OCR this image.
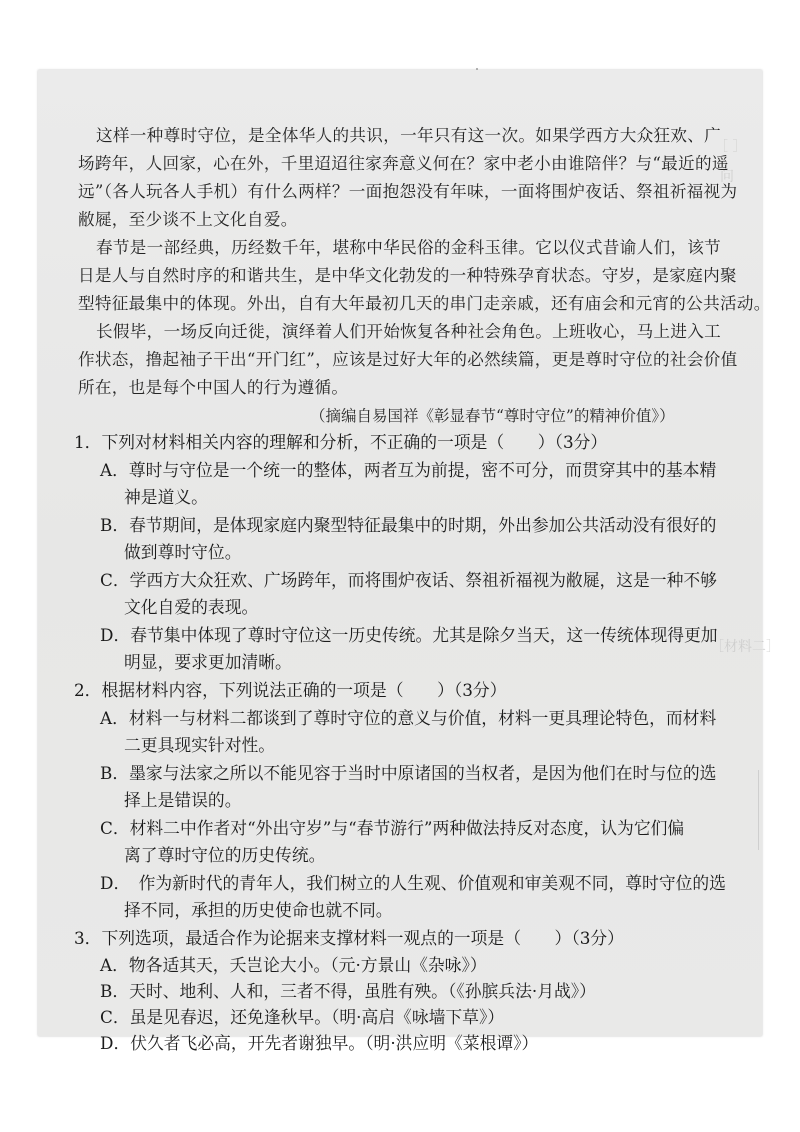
［ ］
问
［材料二］
这样一种尊时守位，是全体华人的共识，一年只有这一次。如果学西方大众狂欢、广
场跨年，人回家，心在外，千里迢迢往家奔意义何在？家中老小由谁陪伴？与“最近的遥
远”（各人玩各人手机）有什么两样？一面抱怨没有年味，一面将围炉夜话、祭祖祈福视为
敝屣，至少谈不上文化自爱。
春节是一部经典，历经数千年，堪称中华民俗的金科玉律。它以仪式昔谕人们，该节
日是人与自然时序的和谐共生，是中华文化勃发的一种特殊孕育状态。守岁，是家庭内聚
型特征最集中的体现。外出，自有大年最初几天的串门走亲戚，还有庙会和元宵的公共活动。
长假毕，一场反向迁徙，演绎着人们开始恢复各种社会角色。上班收心，马上进入工
作状态，撸起袖子干出“开门红”，应该是过好大年的必然续篇，更是尊时守位的社会价值
所在，也是每个中国人的行为遵循。
（摘编自易国祥《彰显春节“尊时守位”的精神价值》）
1．下列对材料相关内容的理解和分析，不正确的一项是（　　）（3分）
A．尊时与守位是一个统一的整体，两者互为前提，密不可分，而贯穿其中的基本精
神是道义。
B．春节期间，是体现家庭内聚型特征最集中的时期，外出参加公共活动没有很好的
做到尊时守位。
C．学西方大众狂欢、广场跨年，而将围炉夜话、祭祖祈福视为敝屣，这是一种不够
文化自爱的表现。
D．春节集中体现了尊时守位这一历史传统。尤其是除夕当天，这一传统体现得更加
明显，要求更加清晰。
2．根据材料内容，下列说法正确的一项是（　　）（3分）
A．材料一与材料二都谈到了尊时守位的意义与价值，材料一更具理论特色，而材料
二更具现实针对性。
B．墨家与法家之所以不能见容于当时中原诸国的当权者，是因为他们在时与位的选
择上是错误的。
C．材料二中作者对“外出守岁”与“春节游行”两种做法持反对态度，认为它们偏
离了尊时守位的历史传统。
D．　作为新时代的青年人，我们树立的人生观、价值观和审美观不同，尊时守位的选
择不同，承担的历史使命也就不同。
3．下列选项，最适合作为论据来支撑材料一观点的一项是（　　）（3分）
A．物各适其天，夭岂论大小。（元·方景山《杂咏》）
B．天时、地利、人和，三者不得，虽胜有殃。（《孙膑兵法·月战》）
C．虽是见春迟，还免逢秋早。（明·高启《咏墙下草》）
D．伏久者飞必高，开先者谢独早。（明·洪应明《菜根谭》）
